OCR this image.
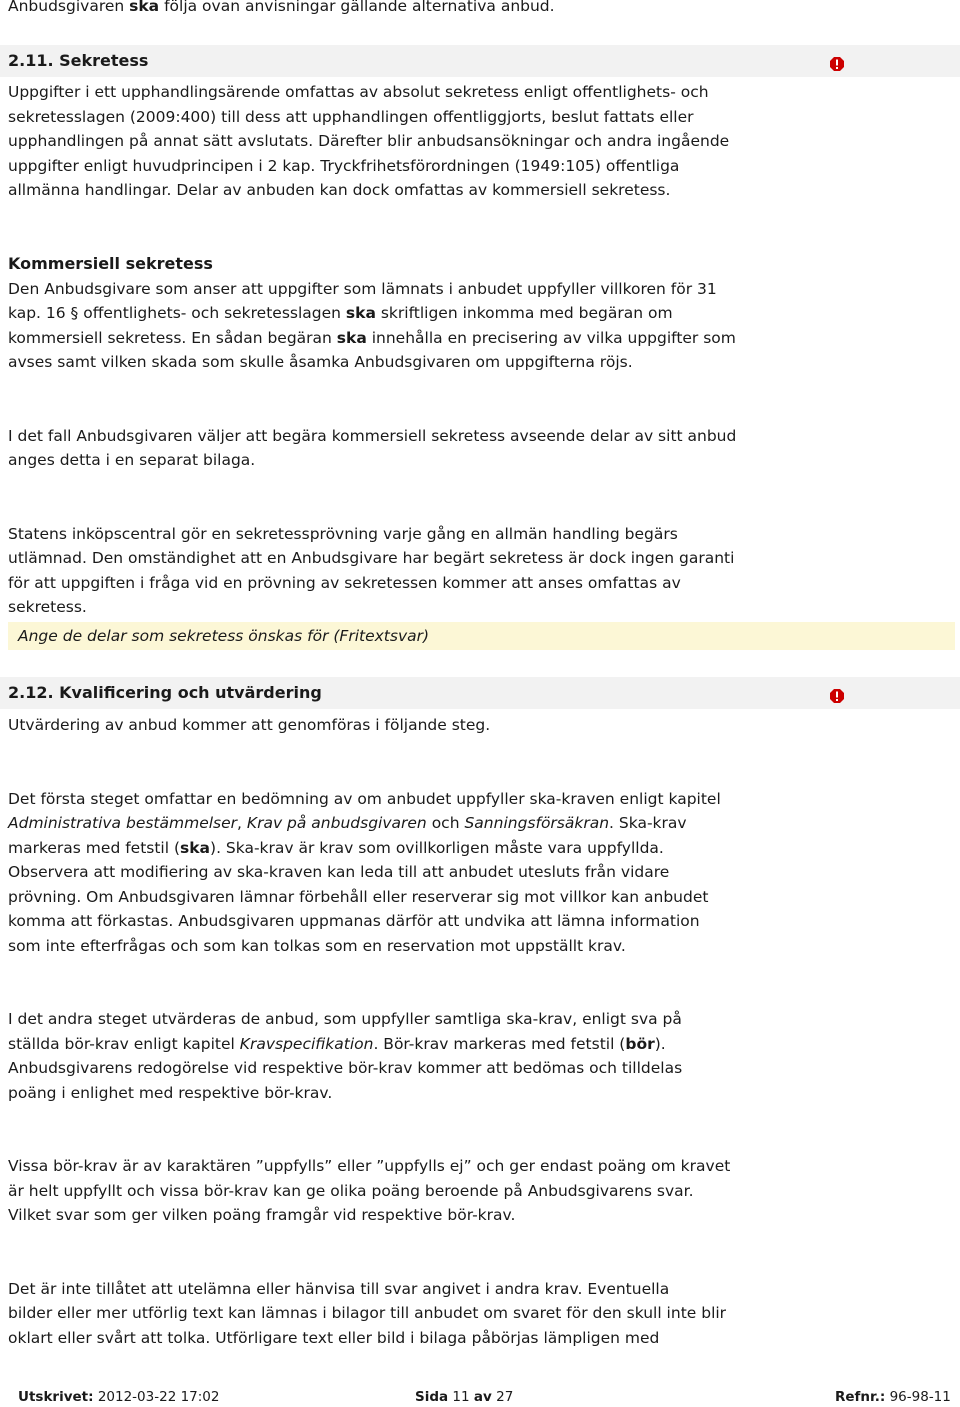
Anbudsgivaren ska följa ovan anvisningar gällande alternativa anbud.
2.11. Sekretess
Uppgifter i ett upphandlingsärende omfattas av absolut sekretess enligt offentlighets- och
sekretesslagen (2009:400) till dess att upphandlingen offentliggjorts, beslut fattats eller
upphandlingen på annat sätt avslutats. Därefter blir anbudsansökningar och andra ingående
uppgifter enligt huvudprincipen i 2 kap. Tryckfrihetsförordningen (1949:105) offentliga
allmänna handlingar. Delar av anbuden kan dock omfattas av kommersiell sekretess.
Kommersiell sekretess
Den Anbudsgivare som anser att uppgifter som lämnats i anbudet uppfyller villkoren för 31
kap. 16 § offentlighets- och sekretesslagen ska skriftligen inkomma med begäran om
kommersiell sekretess. En sådan begäran ska innehålla en precisering av vilka uppgifter som
avses samt vilken skada som skulle åsamka Anbudsgivaren om uppgifterna röjs.
I det fall Anbudsgivaren väljer att begära kommersiell sekretess avseende delar av sitt anbud
anges detta i en separat bilaga.
Statens inköpscentral gör en sekretessprövning varje gång en allmän handling begärs
utlämnad. Den omständighet att en Anbudsgivare har begärt sekretess är dock ingen garanti
för att uppgiften i fråga vid en prövning av sekretessen kommer att anses omfattas av
sekretess.
Ange de delar som sekretess önskas för (Fritextsvar)
2.12. Kvalificering och utvärdering
Utvärdering av anbud kommer att genomföras i följande steg.
Det första steget omfattar en bedömning av om anbudet uppfyller ska-kraven enligt kapitel
Administrativa bestämmelser, Krav på anbudsgivaren och Sanningsförsäkran. Ska-krav
markeras med fetstil (ska). Ska-krav är krav som ovillkorligen måste vara uppfyllda.
Observera att modifiering av ska-kraven kan leda till att anbudet utesluts från vidare
prövning. Om Anbudsgivaren lämnar förbehåll eller reserverar sig mot villkor kan anbudet
komma att förkastas. Anbudsgivaren uppmanas därför att undvika att lämna information
som inte efterfrågas och som kan tolkas som en reservation mot uppställt krav.
I det andra steget utvärderas de anbud, som uppfyller samtliga ska-krav, enligt sva på
ställda bör-krav enligt kapitel Kravspecifikation. Bör-krav markeras med fetstil (bör).
Anbudsgivarens redogörelse vid respektive bör-krav kommer att bedömas och tilldelas
poäng i enlighet med respektive bör-krav.
Vissa bör-krav är av karaktären ”uppfylls” eller ”uppfylls ej” och ger endast poäng om kravet
är helt uppfyllt och vissa bör-krav kan ge olika poäng beroende på Anbudsgivarens svar.
Vilket svar som ger vilken poäng framgår vid respektive bör-krav.
Det är inte tillåtet att utelämna eller hänvisa till svar angivet i andra krav. Eventuella
bilder eller mer utförlig text kan lämnas i bilagor till anbudet om svaret för den skull inte blir
oklart eller svårt att tolka. Utförligare text eller bild i bilaga påbörjas lämpligen med
Utskrivet: 2012-03-22 17:02	Sida 11 av 27	Refnr.: 96-98-11
